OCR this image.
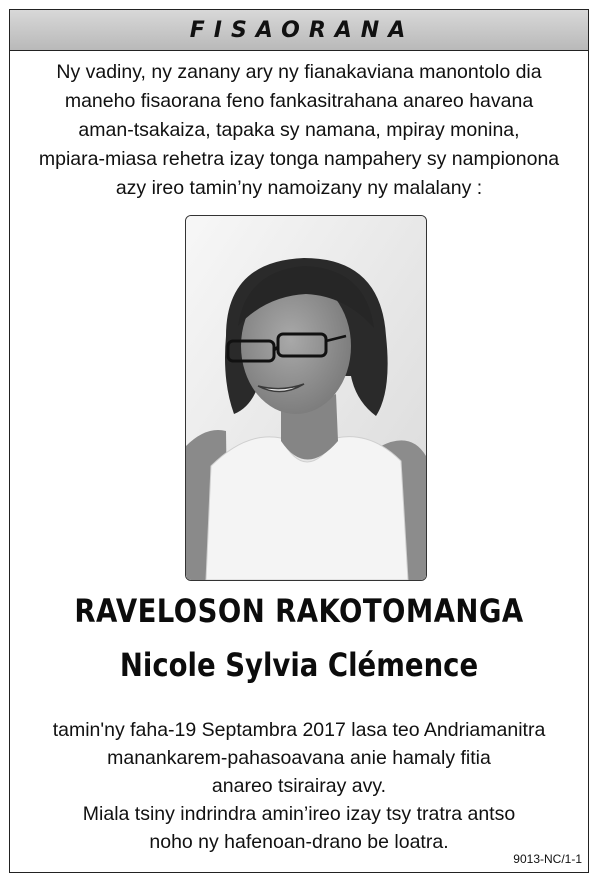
FISAORANA
Ny vadiny, ny zanany ary ny fianakaviana manontolo dia
maneho fisaorana feno fankasitrahana anareo havana
aman-tsakaiza, tapaka sy namana, mpiray monina,
mpiara-miasa rehetra izay tonga nampahery sy nampionona
azy ireo tamin’ny namoizany ny malalany :
RAVELOSON RAKOTOMANGA
Nicole Sylvia Clémence
tamin'ny faha-19 Septambra 2017 lasa teo Andriamanitra
manankarem-pahasoavana anie hamaly fitia
anareo tsirairay avy.
Miala tsiny indrindra amin’ireo izay tsy tratra antso
noho ny hafenoan-drano be loatra.
9013-NC/1-1
